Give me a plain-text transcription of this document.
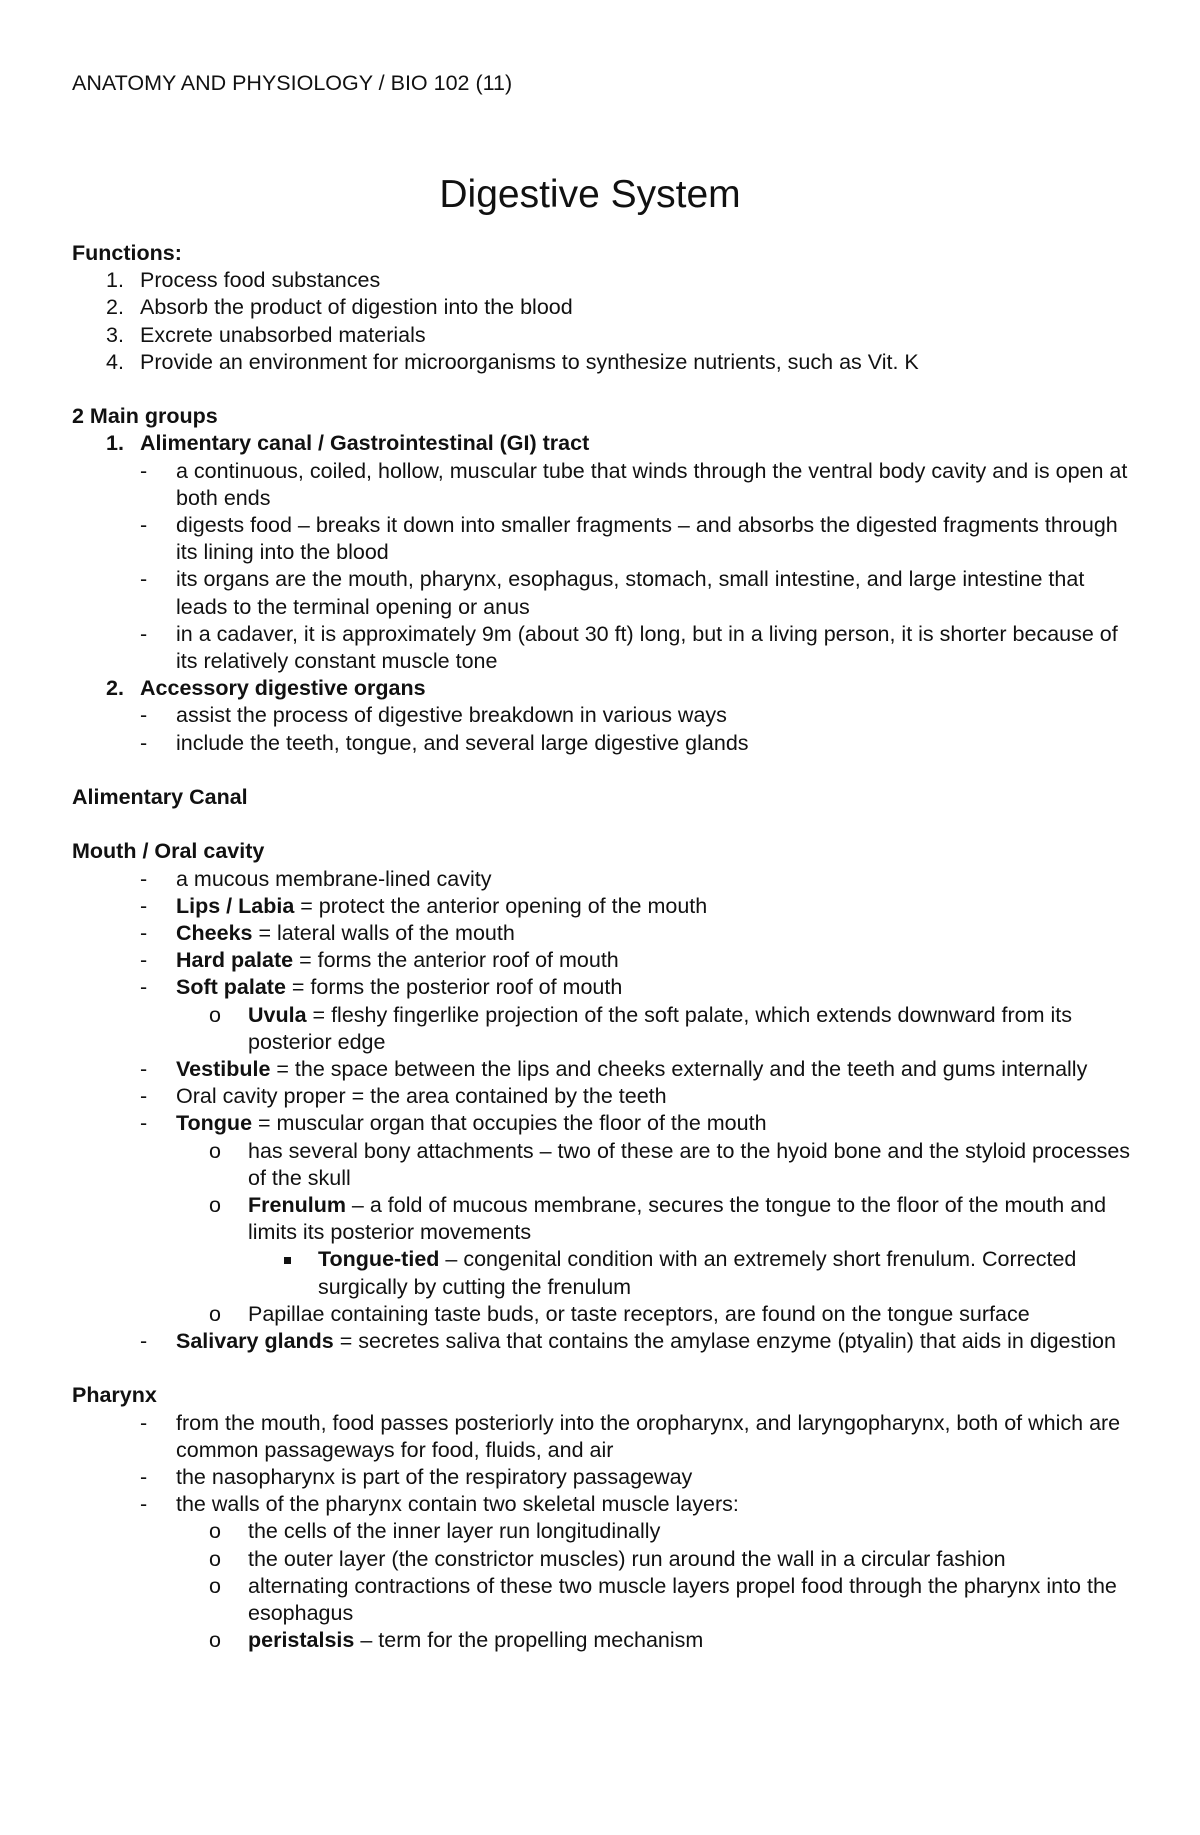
ANATOMY AND PHYSIOLOGY / BIO 102 (11)
Digestive System
Functions:
1. Process food substances
2. Absorb the product of digestion into the blood
3. Excrete unabsorbed materials
4. Provide an environment for microorganisms to synthesize nutrients, such as Vit. K
2 Main groups
1. Alimentary canal / Gastrointestinal (GI) tract
- a continuous, coiled, hollow, muscular tube that winds through the ventral body cavity and is open at both ends
- digests food – breaks it down into smaller fragments – and absorbs the digested fragments through its lining into the blood
- its organs are the mouth, pharynx, esophagus, stomach, small intestine, and large intestine that leads to the terminal opening or anus
- in a cadaver, it is approximately 9m (about 30 ft) long, but in a living person, it is shorter because of its relatively constant muscle tone
2. Accessory digestive organs
- assist the process of digestive breakdown in various ways
- include the teeth, tongue, and several large digestive glands
Alimentary Canal
Mouth / Oral cavity
- a mucous membrane-lined cavity
- Lips / Labia = protect the anterior opening of the mouth
- Cheeks = lateral walls of the mouth
- Hard palate = forms the anterior roof of mouth
- Soft palate = forms the posterior roof of mouth
o Uvula = fleshy fingerlike projection of the soft palate, which extends downward from its posterior edge
- Vestibule = the space between the lips and cheeks externally and the teeth and gums internally
- Oral cavity proper = the area contained by the teeth
- Tongue = muscular organ that occupies the floor of the mouth
o has several bony attachments – two of these are to the hyoid bone and the styloid processes of the skull
o Frenulum – a fold of mucous membrane, secures the tongue to the floor of the mouth and limits its posterior movements
Tongue-tied – congenital condition with an extremely short frenulum. Corrected surgically by cutting the frenulum
o Papillae containing taste buds, or taste receptors, are found on the tongue surface
- Salivary glands = secretes saliva that contains the amylase enzyme (ptyalin) that aids in digestion
Pharynx
- from the mouth, food passes posteriorly into the oropharynx, and laryngopharynx, both of which are common passageways for food, fluids, and air
- the nasopharynx is part of the respiratory passageway
- the walls of the pharynx contain two skeletal muscle layers:
o the cells of the inner layer run longitudinally
o the outer layer (the constrictor muscles) run around the wall in a circular fashion
o alternating contractions of these two muscle layers propel food through the pharynx into the esophagus
o peristalsis – term for the propelling mechanism
